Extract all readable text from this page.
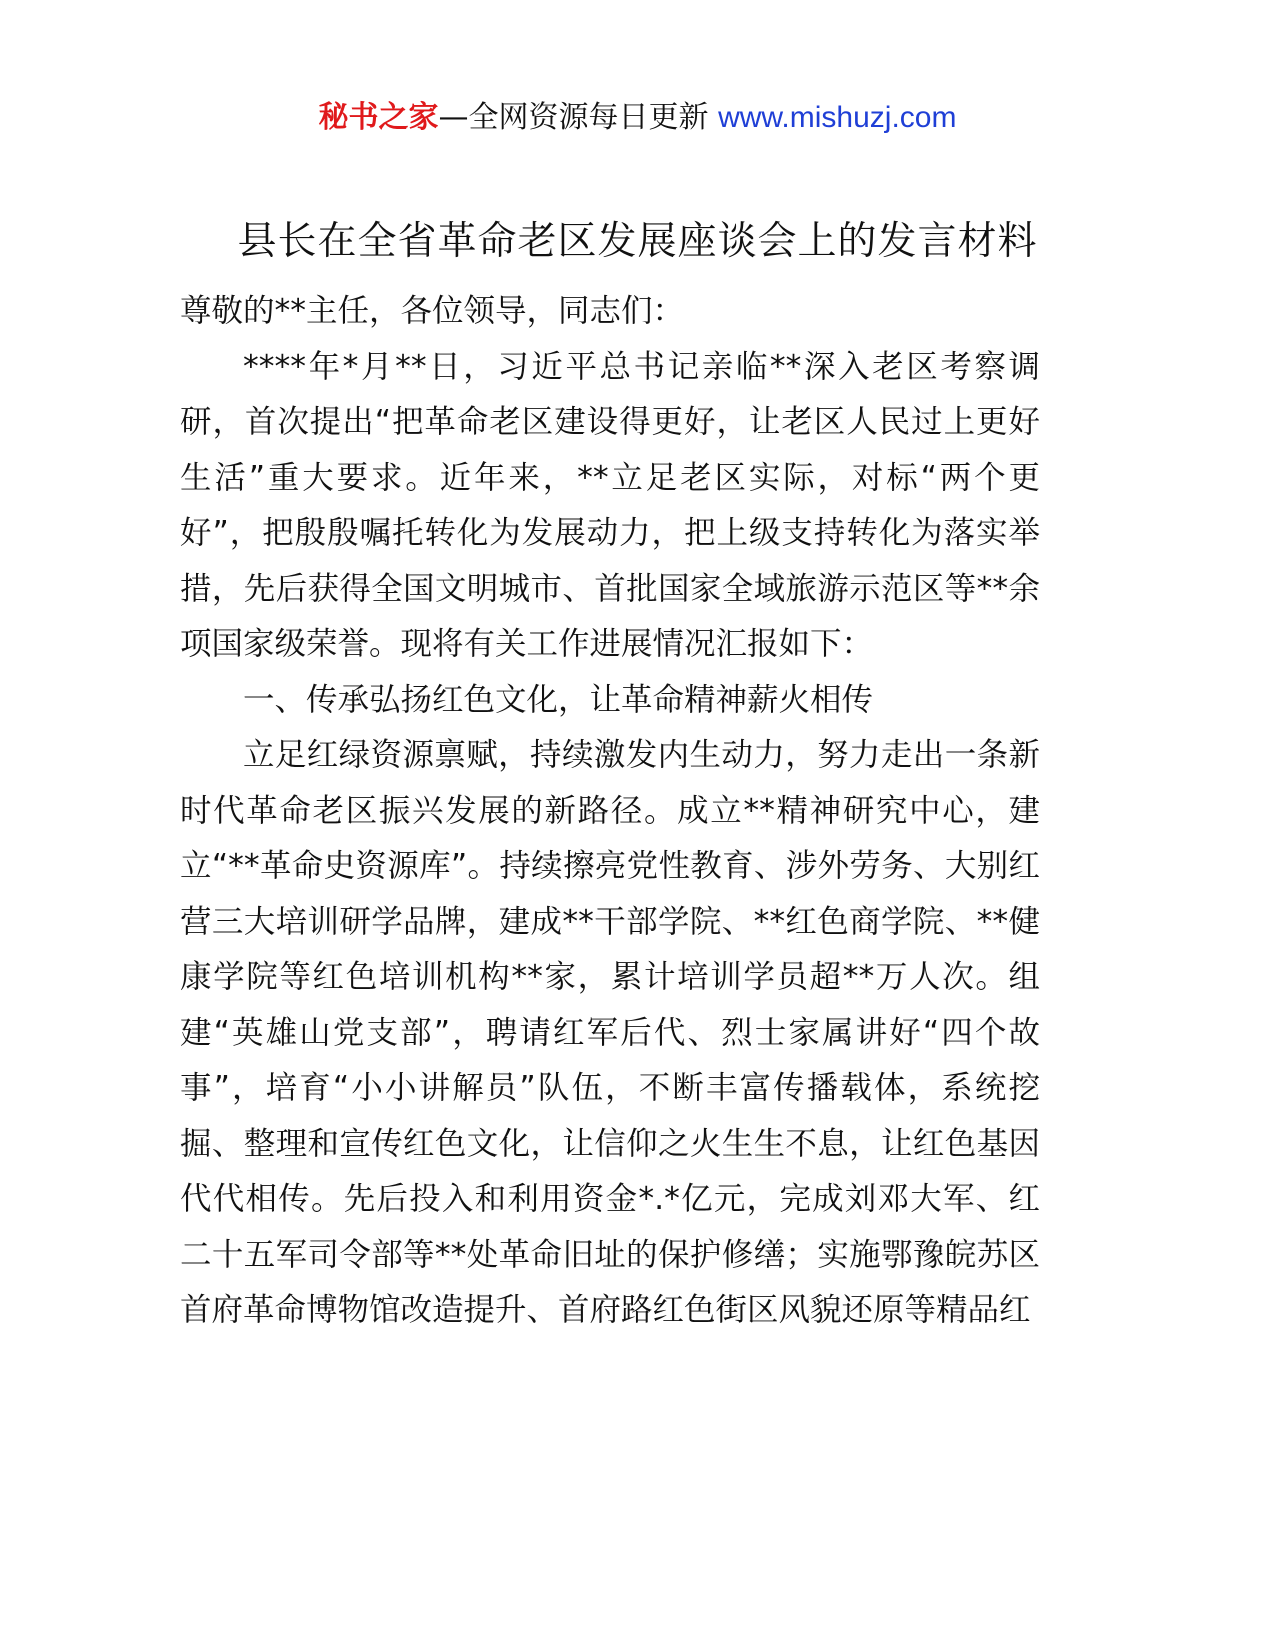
秘书之家—全网资源每日更新 www.mishuzj.com
县长在全省革命老区发展座谈会上的发言材料

尊敬的**主任，各位领导，同志们：

****年*月**日，习近平总书记亲临**深入老区考察调研，首次提出“把革命老区建设得更好，让老区人民过上更好生活”重大要求。近年来，**立足老区实际，对标“两个更好”，把殷殷嘱托转化为发展动力，把上级支持转化为落实举措，先后获得全国文明城市、首批国家全域旅游示范区等**余项国家级荣誉。现将有关工作进展情况汇报如下：

一、传承弘扬红色文化，让革命精神薪火相传

立足红绿资源禀赋，持续激发内生动力，努力走出一条新时代革命老区振兴发展的新路径。成立**精神研究中心，建立“**革命史资源库”。持续擦亮党性教育、涉外劳务、大别红营三大培训研学品牌，建成**干部学院、**红色商学院、**健康学院等红色培训机构**家，累计培训学员超**万人次。组建“英雄山党支部”，聘请红军后代、烈士家属讲好“四个故事”，培育“小小讲解员”队伍，不断丰富传播载体，系统挖掘、整理和宣传红色文化，让信仰之火生生不息，让红色基因代代相传。先后投入和利用资金*.*亿元，完成刘邓大军、红二十五军司令部等**处革命旧址的保护修缮；实施鄂豫皖苏区首府革命博物馆改造提升、首府路红色街区风貌还原等精品红
